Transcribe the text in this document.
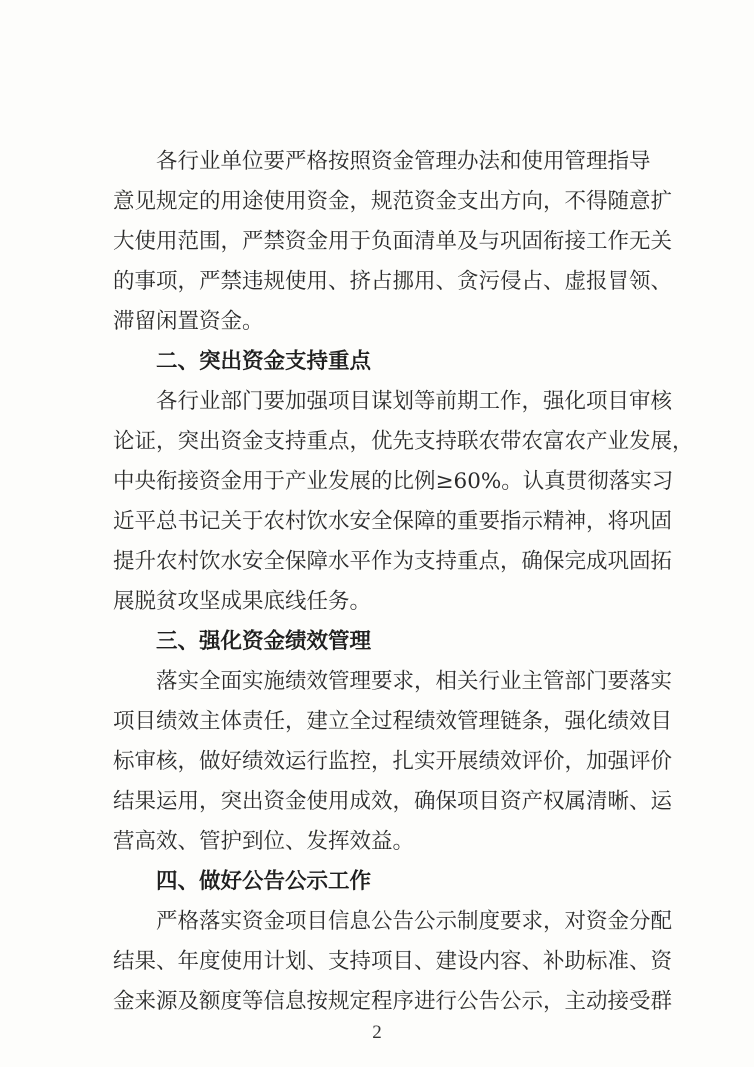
各行业单位要严格按照资金管理办法和使用管理指导
意见规定的用途使用资金，规范资金支出方向，不得随意扩
大使用范围，严禁资金用于负面清单及与巩固衔接工作无关
的事项，严禁违规使用、挤占挪用、贪污侵占、虚报冒领、
滞留闲置资金。
二、突出资金支持重点
各行业部门要加强项目谋划等前期工作，强化项目审核
论证，突出资金支持重点，优先支持联农带农富农产业发展，
中央衔接资金用于产业发展的比例≥60%。认真贯彻落实习
近平总书记关于农村饮水安全保障的重要指示精神，将巩固
提升农村饮水安全保障水平作为支持重点，确保完成巩固拓
展脱贫攻坚成果底线任务。
三、强化资金绩效管理
落实全面实施绩效管理要求，相关行业主管部门要落实
项目绩效主体责任，建立全过程绩效管理链条，强化绩效目
标审核，做好绩效运行监控，扎实开展绩效评价，加强评价
结果运用，突出资金使用成效，确保项目资产权属清晰、运
营高效、管护到位、发挥效益。
四、做好公告公示工作
严格落实资金项目信息公告公示制度要求，对资金分配
结果、年度使用计划、支持项目、建设内容、补助标准、资
2
金来源及额度等信息按规定程序进行公告公示，主动接受群
